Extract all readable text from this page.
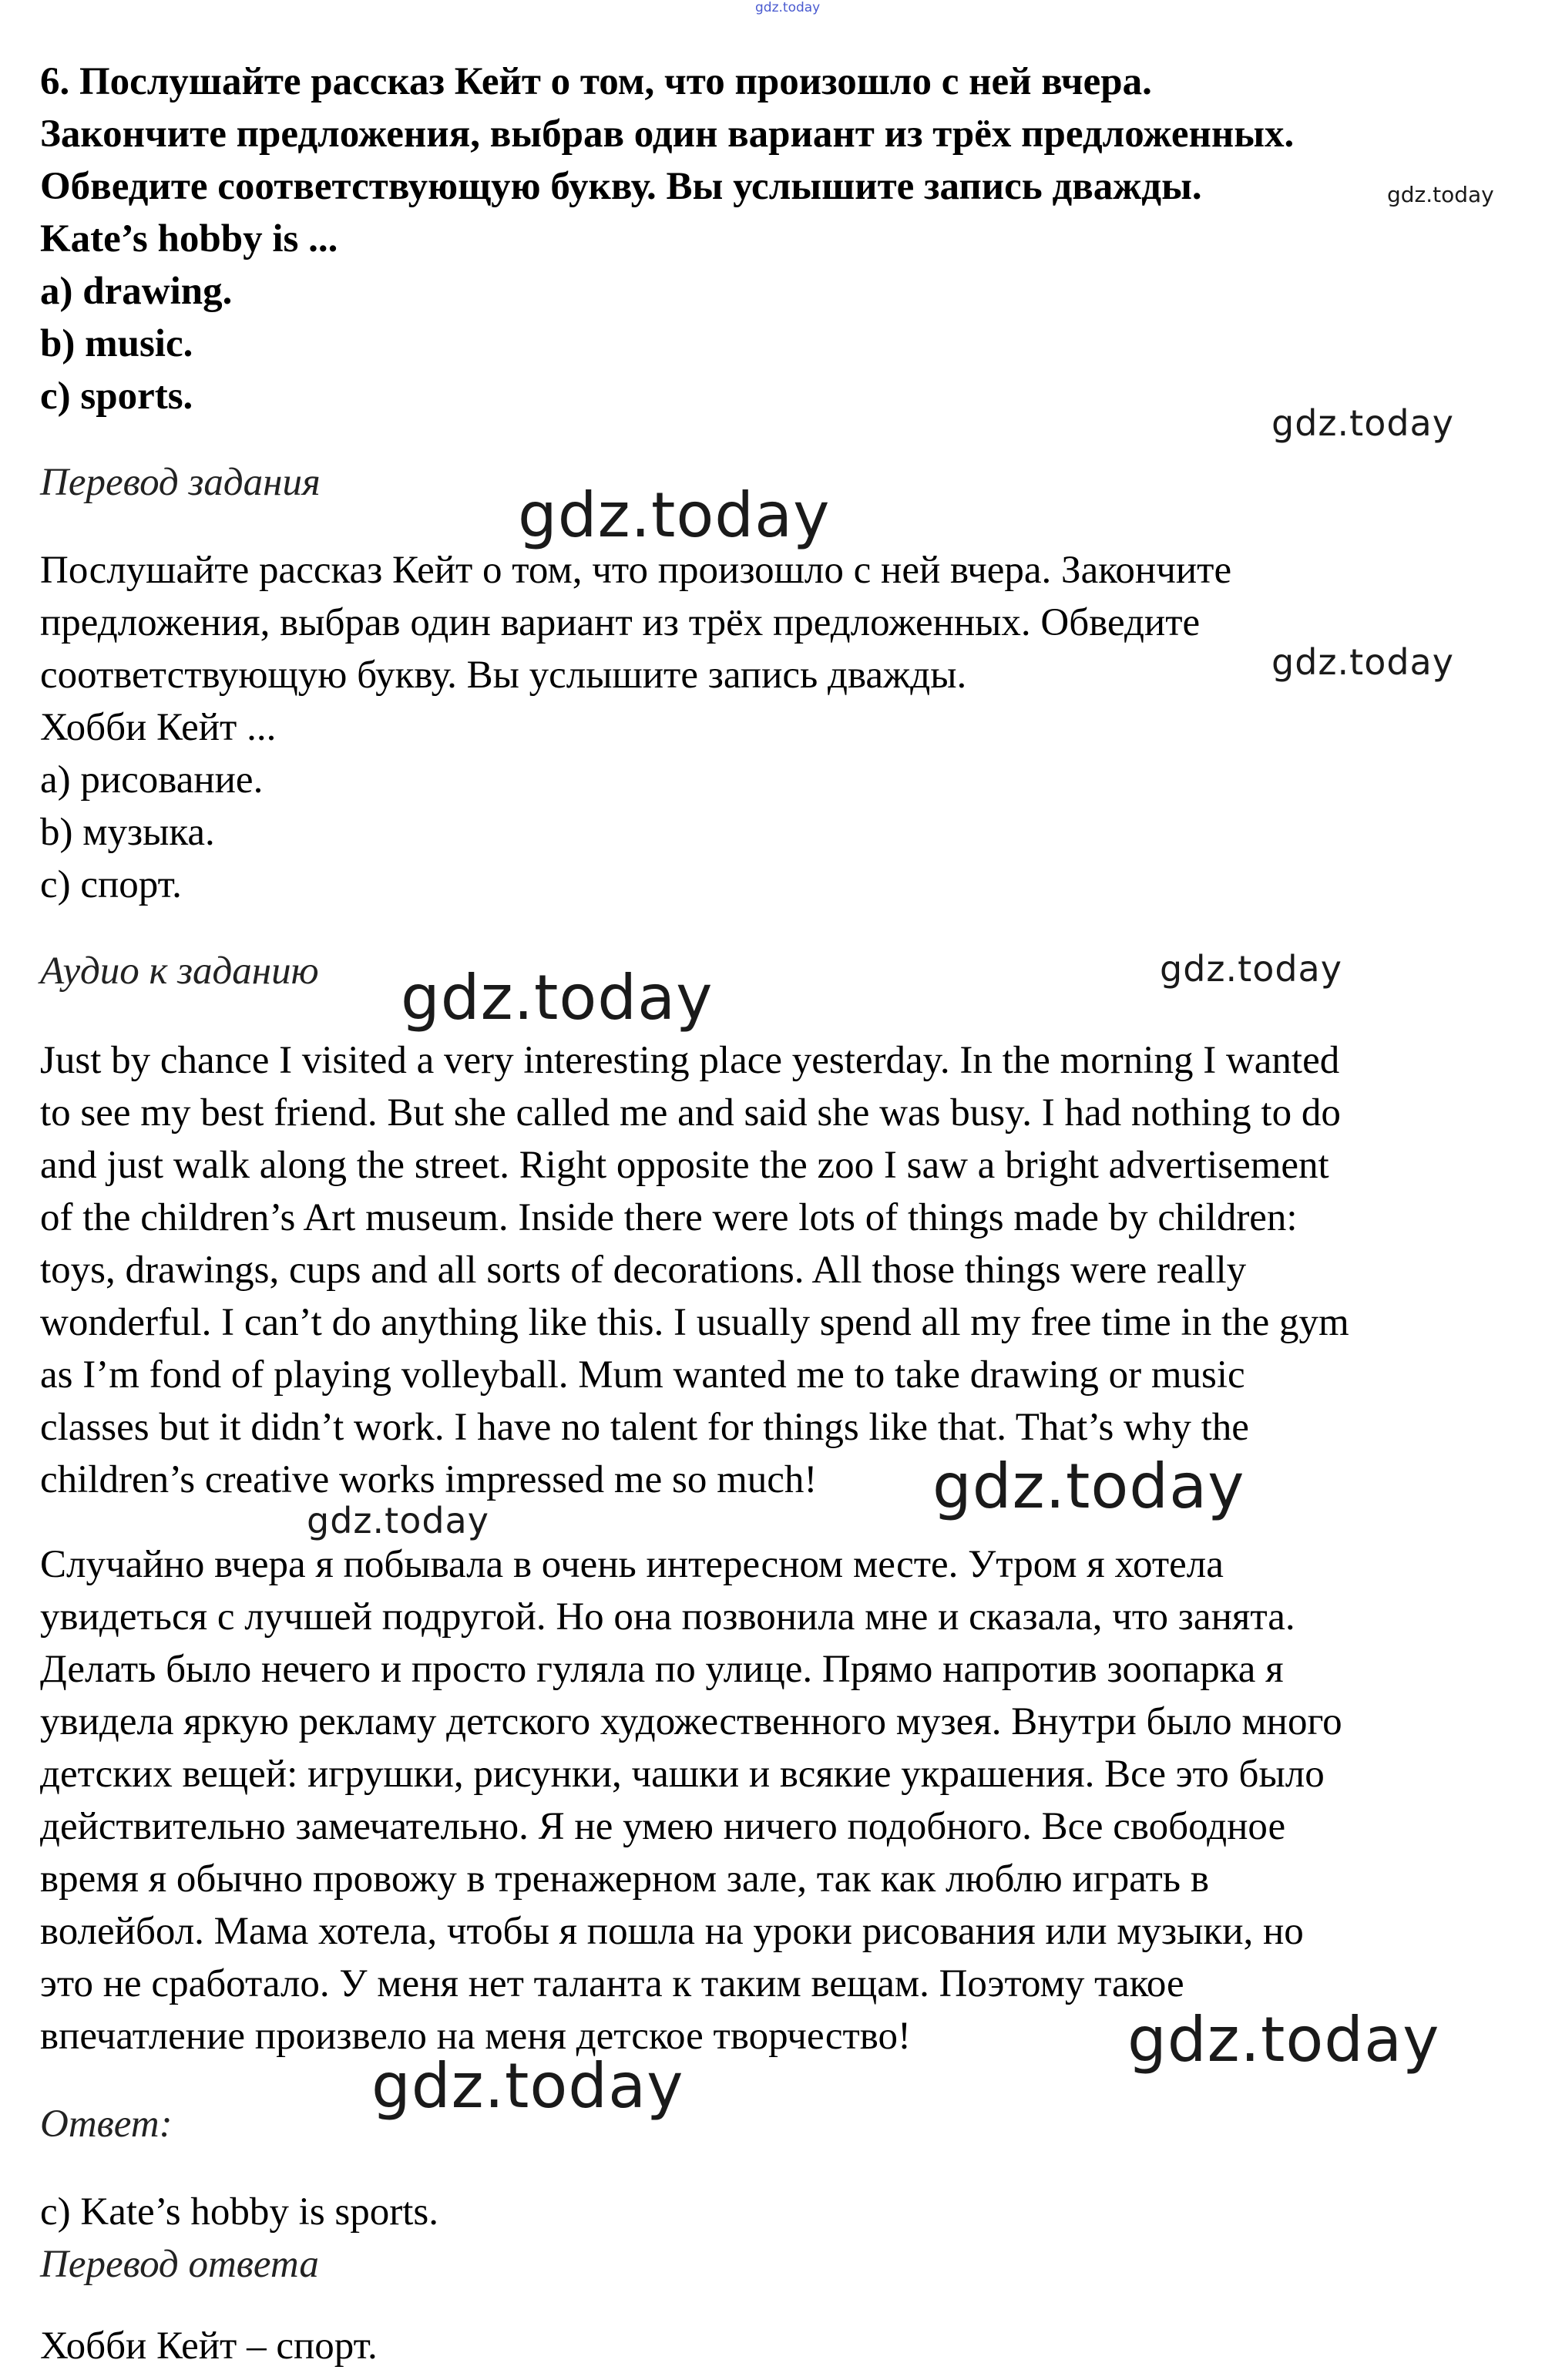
6. Послушайте рассказ Кейт о том, что произошло с ней вчера.
Закончите предложения, выбрав один вариант из трёх предложенных.
Обведите соответствующую букву. Вы услышите запись дважды.
Kate’s hobby is ...
a) drawing.
b) music.
c) sports.
Перевод задания
Послушайте рассказ Кейт о том, что произошло с ней вчера. Закончите
предложения, выбрав один вариант из трёх предложенных. Обведите
соответствующую букву. Вы услышите запись дважды.
Хобби Кейт ...
a) рисование.
b) музыка.
c) спорт.
Аудио к заданию
Just by chance I visited a very interesting place yesterday. In the morning I wanted
to see my best friend. But she called me and said she was busy. I had nothing to do
and just walk along the street. Right opposite the zoo I saw a bright advertisement
of the children’s Art museum. Inside there were lots of things made by children:
toys, drawings, cups and all sorts of decorations. All those things were really
wonderful. I can’t do anything like this. I usually spend all my free time in the gym
as I’m fond of playing volleyball. Mum wanted me to take drawing or music
classes but it didn’t work. I have no talent for things like that. That’s why the
children’s creative works impressed me so much!
Случайно вчера я побывала в очень интересном месте. Утром я хотела
увидеться с лучшей подругой. Но она позвонила мне и сказала, что занята.
Делать было нечего и просто гуляла по улице. Прямо напротив зоопарка я
увидела яркую рекламу детского художественного музея. Внутри было много
детских вещей: игрушки, рисунки, чашки и всякие украшения. Все это было
действительно замечательно. Я не умею ничего подобного. Все свободное
время я обычно провожу в тренажерном зале, так как люблю играть в
волейбол. Мама хотела, чтобы я пошла на уроки рисования или музыки, но
это не сработало. У меня нет таланта к таким вещам. Поэтому такое
впечатление произвело на меня детское творчество!
Ответ:
c) Kate’s hobby is sports.
Перевод ответа
Хобби Кейт – спорт.
gdz.today
gdz.today
gdz.today
gdz.today
gdz.today
gdz.today	gdz.today
gdz.today
gdz.today
gdz.today
gdz.today
